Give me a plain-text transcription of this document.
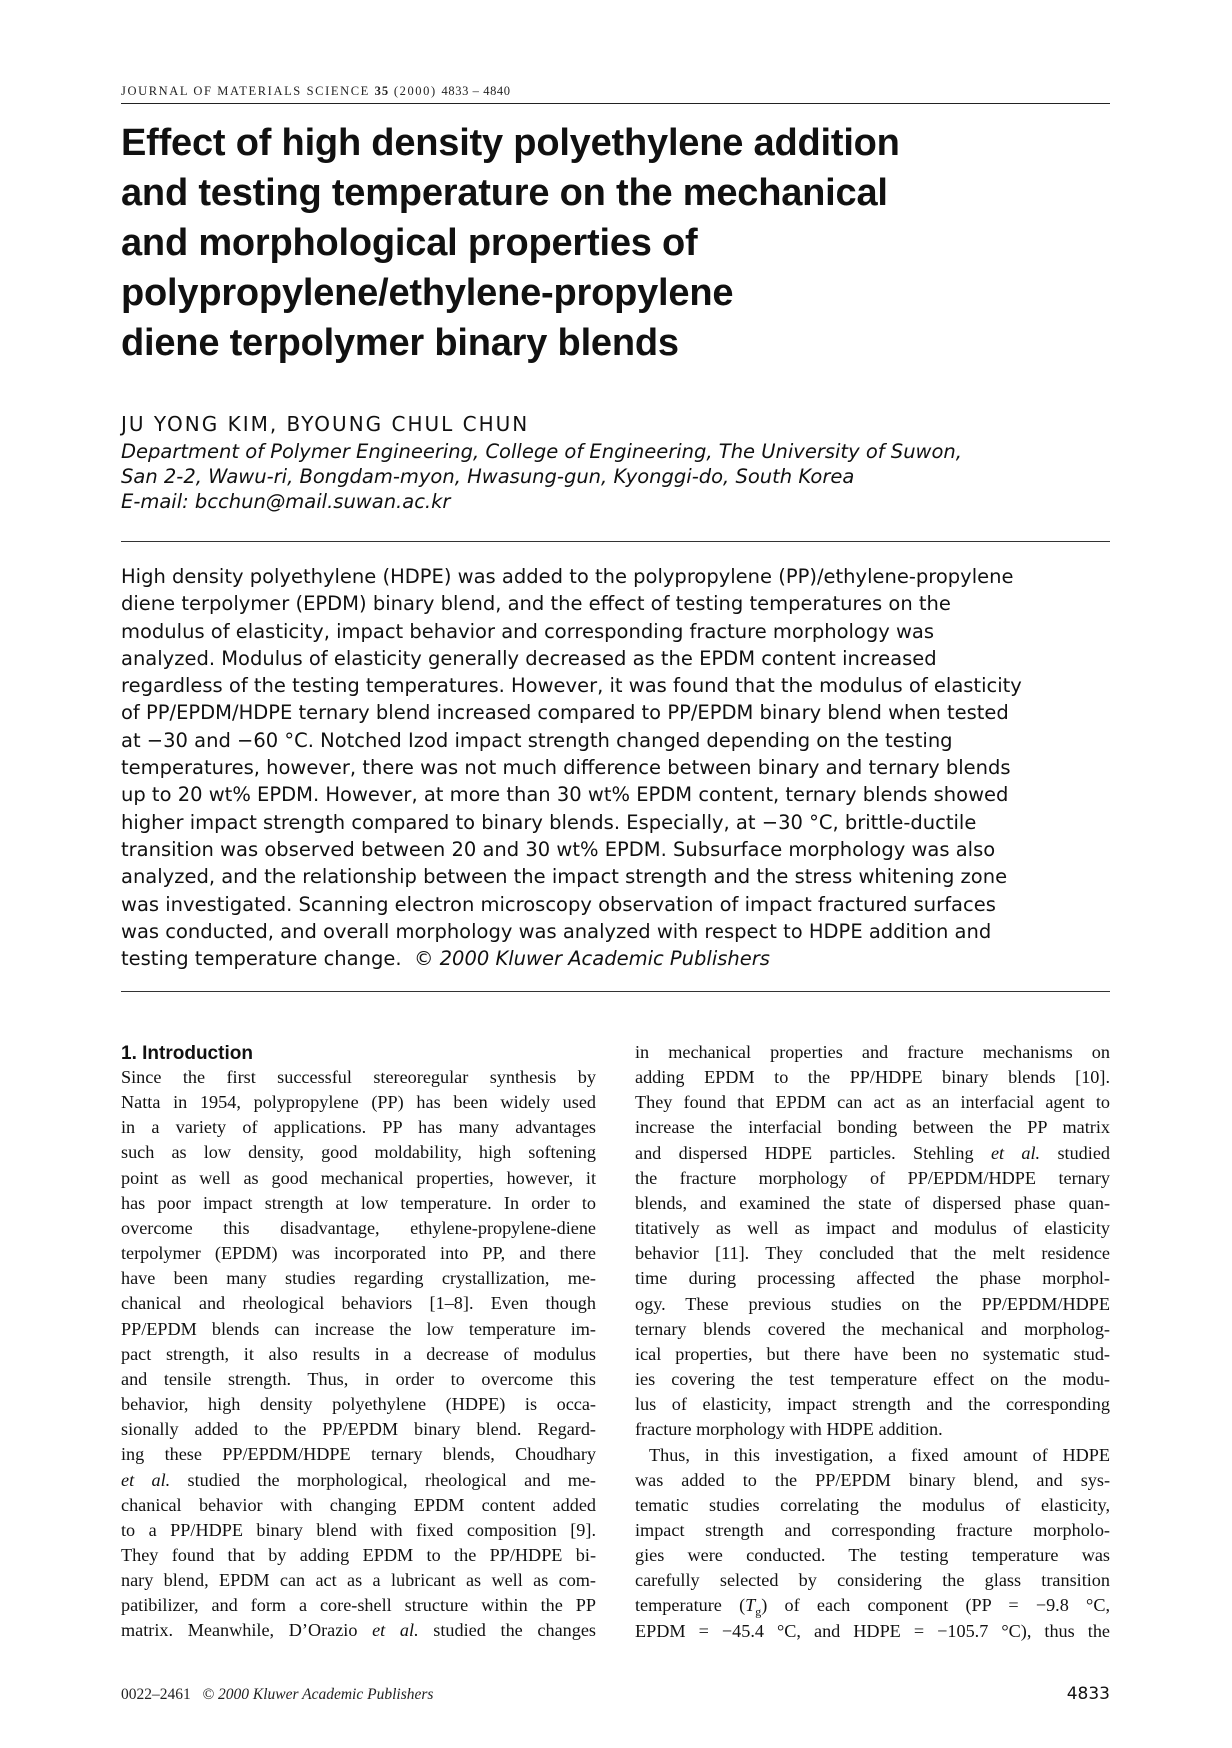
JOURNAL OF MATERIALS SCIENCE 35 (2000) 4833 – 4840
Effect of high density polyethylene addition
and testing temperature on the mechanical
and morphological properties of
polypropylene/ethylene-propylene
diene terpolymer binary blends
JU YONG KIM, BYOUNG CHUL CHUN
Department of Polymer Engineering, College of Engineering, The University of Suwon,
San 2-2, Wawu-ri, Bongdam-myon, Hwasung-gun, Kyonggi-do, South Korea
E-mail: bcchun@mail.suwan.ac.kr
High density polyethylene (HDPE) was added to the polypropylene (PP)/ethylene-propylene
diene terpolymer (EPDM) binary blend, and the effect of testing temperatures on the
modulus of elasticity, impact behavior and corresponding fracture morphology was
analyzed. Modulus of elasticity generally decreased as the EPDM content increased
regardless of the testing temperatures. However, it was found that the modulus of elasticity
of PP/EPDM/HDPE ternary blend increased compared to PP/EPDM binary blend when tested
at −30 and −60 °C. Notched Izod impact strength changed depending on the testing
temperatures, however, there was not much difference between binary and ternary blends
up to 20 wt% EPDM. However, at more than 30 wt% EPDM content, ternary blends showed
higher impact strength compared to binary blends. Especially, at −30 °C, brittle-ductile
transition was observed between 20 and 30 wt% EPDM. Subsurface morphology was also
analyzed, and the relationship between the impact strength and the stress whitening zone
was investigated. Scanning electron microscopy observation of impact fractured surfaces
was conducted, and overall morphology was analyzed with respect to HDPE addition and
testing temperature change. © 2000 Kluwer Academic Publishers
1. Introduction
Since the first successful stereoregular synthesis by
Natta in 1954, polypropylene (PP) has been widely used
in a variety of applications. PP has many advantages
such as low density, good moldability, high softening
point as well as good mechanical properties, however, it
has poor impact strength at low temperature. In order to
overcome this disadvantage, ethylene-propylene-diene
terpolymer (EPDM) was incorporated into PP, and there
have been many studies regarding crystallization, me-
chanical and rheological behaviors [1–8]. Even though
PP/EPDM blends can increase the low temperature im-
pact strength, it also results in a decrease of modulus
and tensile strength. Thus, in order to overcome this
behavior, high density polyethylene (HDPE) is occa-
sionally added to the PP/EPDM binary blend. Regard-
ing these PP/EPDM/HDPE ternary blends, Choudhary
et al. studied the morphological, rheological and me-
chanical behavior with changing EPDM content added
to a PP/HDPE binary blend with fixed composition [9].
They found that by adding EPDM to the PP/HDPE bi-
nary blend, EPDM can act as a lubricant as well as com-
patibilizer, and form a core-shell structure within the PP
matrix. Meanwhile, D’Orazio et al. studied the changes
in mechanical properties and fracture mechanisms on
adding EPDM to the PP/HDPE binary blends [10].
They found that EPDM can act as an interfacial agent to
increase the interfacial bonding between the PP matrix
and dispersed HDPE particles. Stehling et al. studied
the fracture morphology of PP/EPDM/HDPE ternary
blends, and examined the state of dispersed phase quan-
titatively as well as impact and modulus of elasticity
behavior [11]. They concluded that the melt residence
time during processing affected the phase morphol-
ogy. These previous studies on the PP/EPDM/HDPE
ternary blends covered the mechanical and morpholog-
ical properties, but there have been no systematic stud-
ies covering the test temperature effect on the modu-
lus of elasticity, impact strength and the corresponding
fracture morphology with HDPE addition.
Thus, in this investigation, a fixed amount of HDPE
was added to the PP/EPDM binary blend, and sys-
tematic studies correlating the modulus of elasticity,
impact strength and corresponding fracture morpholo-
gies were conducted. The testing temperature was
carefully selected by considering the glass transition
temperature $(T_g)$ of each component (PP = −9.8 °C,
EPDM = −45.4 °C, and HDPE = −105.7 °C), thus the
0022–2461 © 2000 Kluwer Academic Publishers	4833
